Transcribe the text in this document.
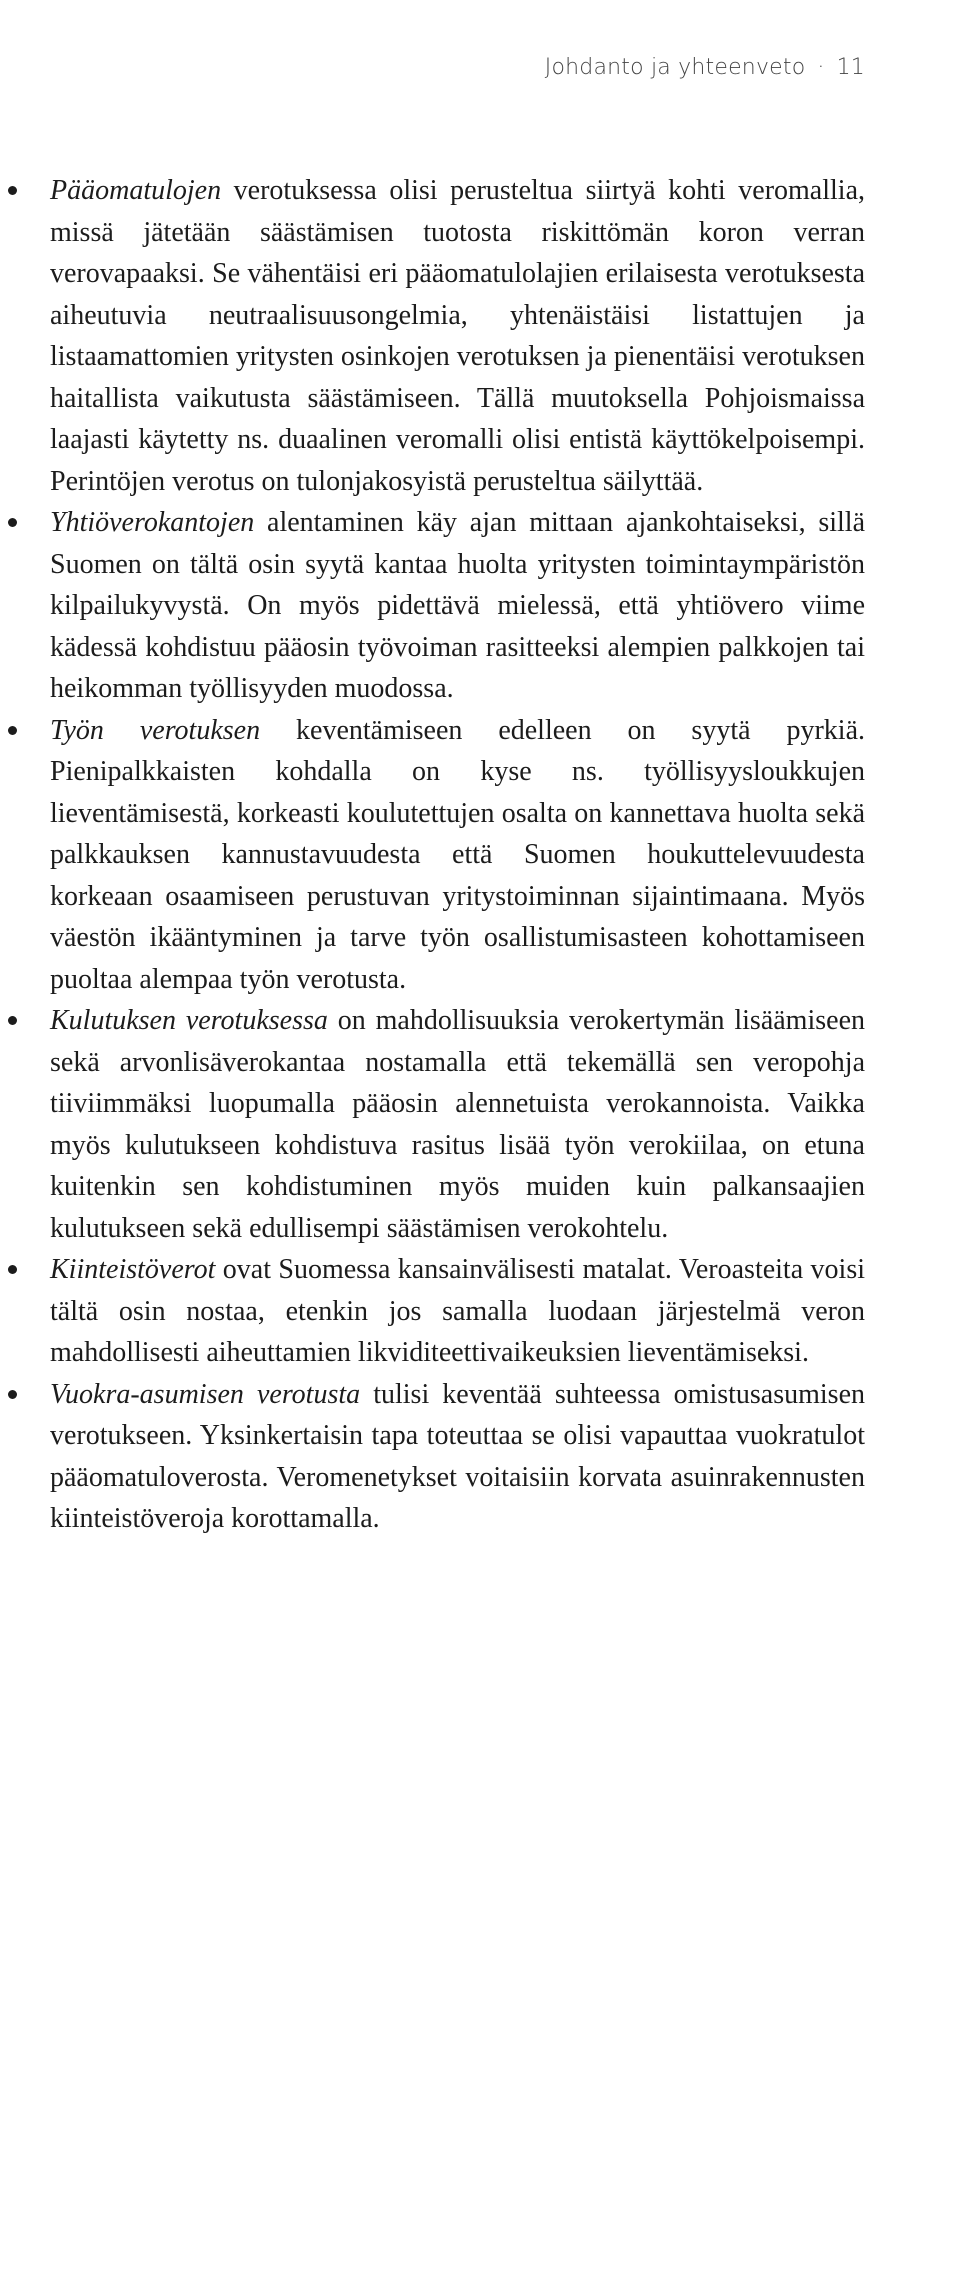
Johdanto ja yhteenveto · 11
Pääomatulojen verotuksessa olisi perusteltua siirtyä kohti veromallia, missä jätetään säästämisen tuotosta riskittömän koron verran verovapaaksi. Se vähentäisi eri pääomatulolajien erilaisesta verotuksesta aiheutuvia neutraalisuusongelmia, yhtenäistäisi listattujen ja listaamattomien yritysten osinkojen verotuksen ja pienentäisi verotuksen haitallista vaikutusta säästämiseen. Tällä muutoksella Pohjoismaissa laajasti käytetty ns. duaalinen veromalli olisi entistä käyttökelpoisempi. Perintöjen verotus on tulonjakosyistä perusteltua säilyttää.
Yhtiöverokantojen alentaminen käy ajan mittaan ajankohtaiseksi, sillä Suomen on tältä osin syytä kantaa huolta yritysten toimintaympäristön kilpailukyvystä. On myös pidettävä mielessä, että yhtiövero viime kädessä kohdistuu pääosin työvoiman rasitteeksi alempien palkkojen tai heikomman työllisyyden muodossa.
Työn verotuksen keventämiseen edelleen on syytä pyrkiä. Pienipalkkaisten kohdalla on kyse ns. työllisyysloukkujen lieventämisestä, korkeasti koulutettujen osalta on kannettava huolta sekä palkkauksen kannustavuudesta että Suomen houkuttelevuudesta korkeaan osaamiseen perustuvan yritystoiminnan sijaintimaana. Myös väestön ikääntyminen ja tarve työn osallistumisasteen kohottamiseen puoltaa alempaa työn verotusta.
Kulutuksen verotuksessa on mahdollisuuksia verokertymän lisäämiseen sekä arvonlisäverokantaa nostamalla että tekemällä sen veropohja tiiviimmäksi luopumalla pääosin alennetuista verokannoista. Vaikka myös kulutukseen kohdistuva rasitus lisää työn verokiilaa, on etuna kuitenkin sen kohdistuminen myös muiden kuin palkansaajien kulutukseen sekä edullisempi säästämisen verokohtelu.
Kiinteistöverot ovat Suomessa kansainvälisesti matalat. Veroasteita voisi tältä osin nostaa, etenkin jos samalla luodaan järjestelmä veron mahdollisesti aiheuttamien likviditeettivaikeuksien lieventämiseksi.
Vuokra-asumisen verotusta tulisi keventää suhteessa omistusasumisen verotukseen. Yksinkertaisin tapa toteuttaa se olisi vapauttaa vuokratulot pääomatuloverosta. Veromenetykset voitaisiin korvata asuinrakennusten kiinteistöveroja korottamalla.
